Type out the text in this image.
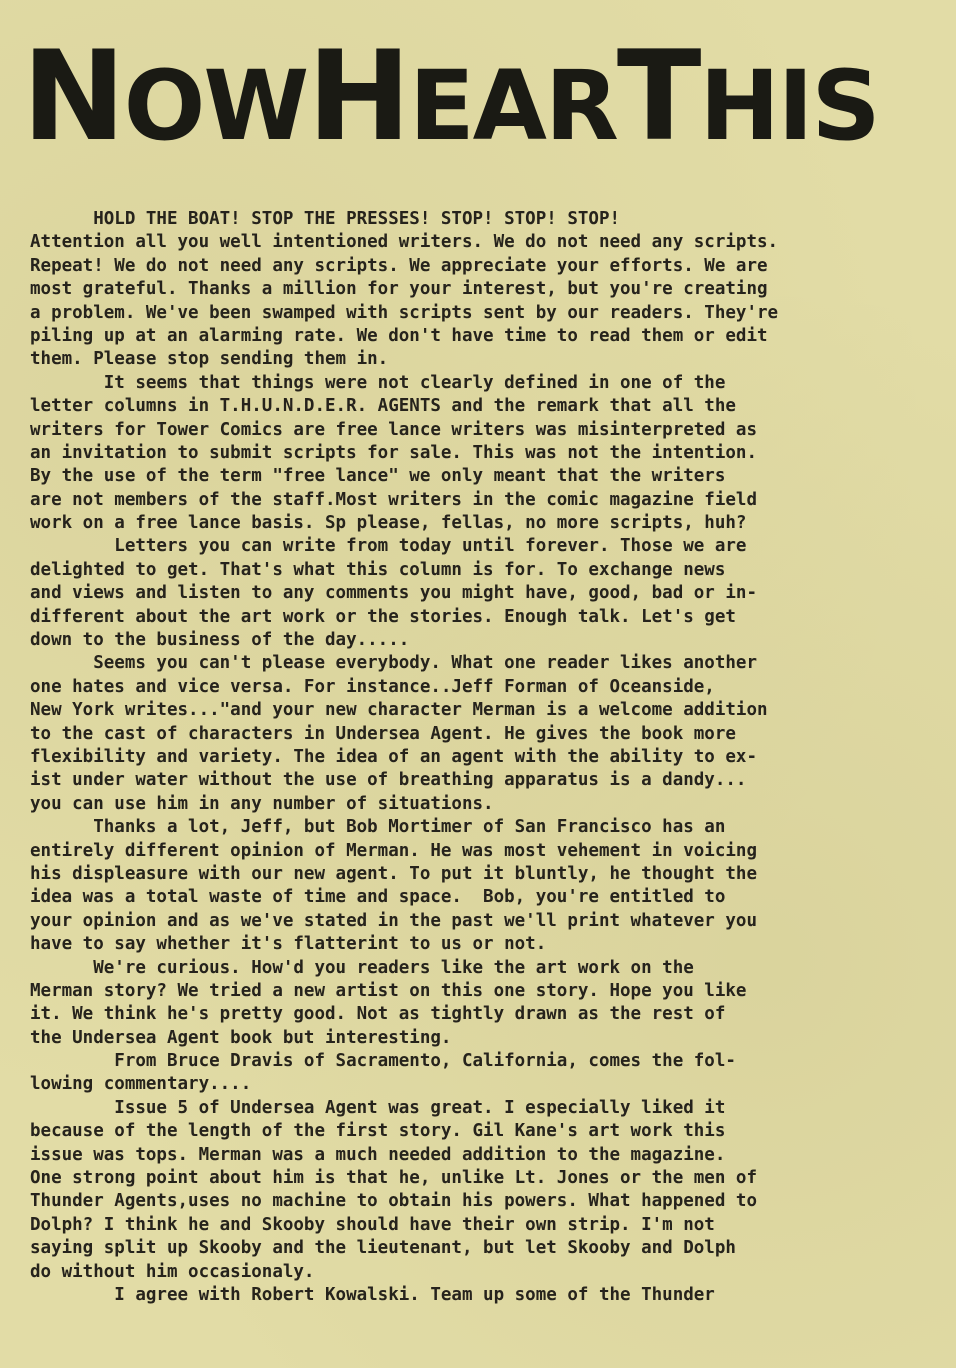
NOWHEARTHIS
HOLD THE BOAT! STOP THE PRESSES! STOP! STOP! STOP!
Attention all you well intentioned writers. We do not need any scripts.
Repeat! We do not need any scripts. We appreciate your efforts. We are
most grateful. Thanks a million for your interest, but you're creating
a problem. We've been swamped with scripts sent by our readers. They're
piling up at an alarming rate. We don't have time to read them or edit
them. Please stop sending them in.
It seems that things were not clearly defined in one of the
letter columns in T.H.U.N.D.E.R. AGENTS and the remark that all the
writers for Tower Comics are free lance writers was misinterpreted as
an invitation to submit scripts for sale. This was not the intention.
By the use of the term "free lance" we only meant that the writers
are not members of the staff.Most writers in the comic magazine field
work on a free lance basis. Sp please, fellas, no more scripts, huh?
Letters you can write from today until forever. Those we are
delighted to get. That's what this column is for. To exchange news
and views and listen to any comments you might have, good, bad or in-
different about the art work or the stories. Enough talk. Let's get
down to the business of the day.....
Seems you can't please everybody. What one reader likes another
one hates and vice versa. For instance..Jeff Forman of Oceanside,
New York writes..."and your new character Merman is a welcome addition
to the cast of characters in Undersea Agent. He gives the book more
flexibility and variety. The idea of an agent with the ability to ex-
ist under water without the use of breathing apparatus is a dandy...
you can use him in any number of situations.
Thanks a lot, Jeff, but Bob Mortimer of San Francisco has an
entirely different opinion of Merman. He was most vehement in voicing
his displeasure with our new agent. To put it bluntly, he thought the
idea was a total waste of time and space.  Bob, you're entitled to
your opinion and as we've stated in the past we'll print whatever you
have to say whether it's flatterint to us or not.
We're curious. How'd you readers like the art work on the
Merman story? We tried a new artist on this one story. Hope you like
it. We think he's pretty good. Not as tightly drawn as the rest of
the Undersea Agent book but interesting.
From Bruce Dravis of Sacramento, California, comes the fol-
lowing commentary....
Issue 5 of Undersea Agent was great. I especially liked it
because of the length of the first story. Gil Kane's art work this
issue was tops. Merman was a much needed addition to the magazine.
One strong point about him is that he, unlike Lt. Jones or the men of
Thunder Agents,uses no machine to obtain his powers. What happened to
Dolph? I think he and Skooby should have their own strip. I'm not
saying split up Skooby and the lieutenant, but let Skooby and Dolph
do without him occasionaly.
I agree with Robert Kowalski. Team up some of the Thunder
